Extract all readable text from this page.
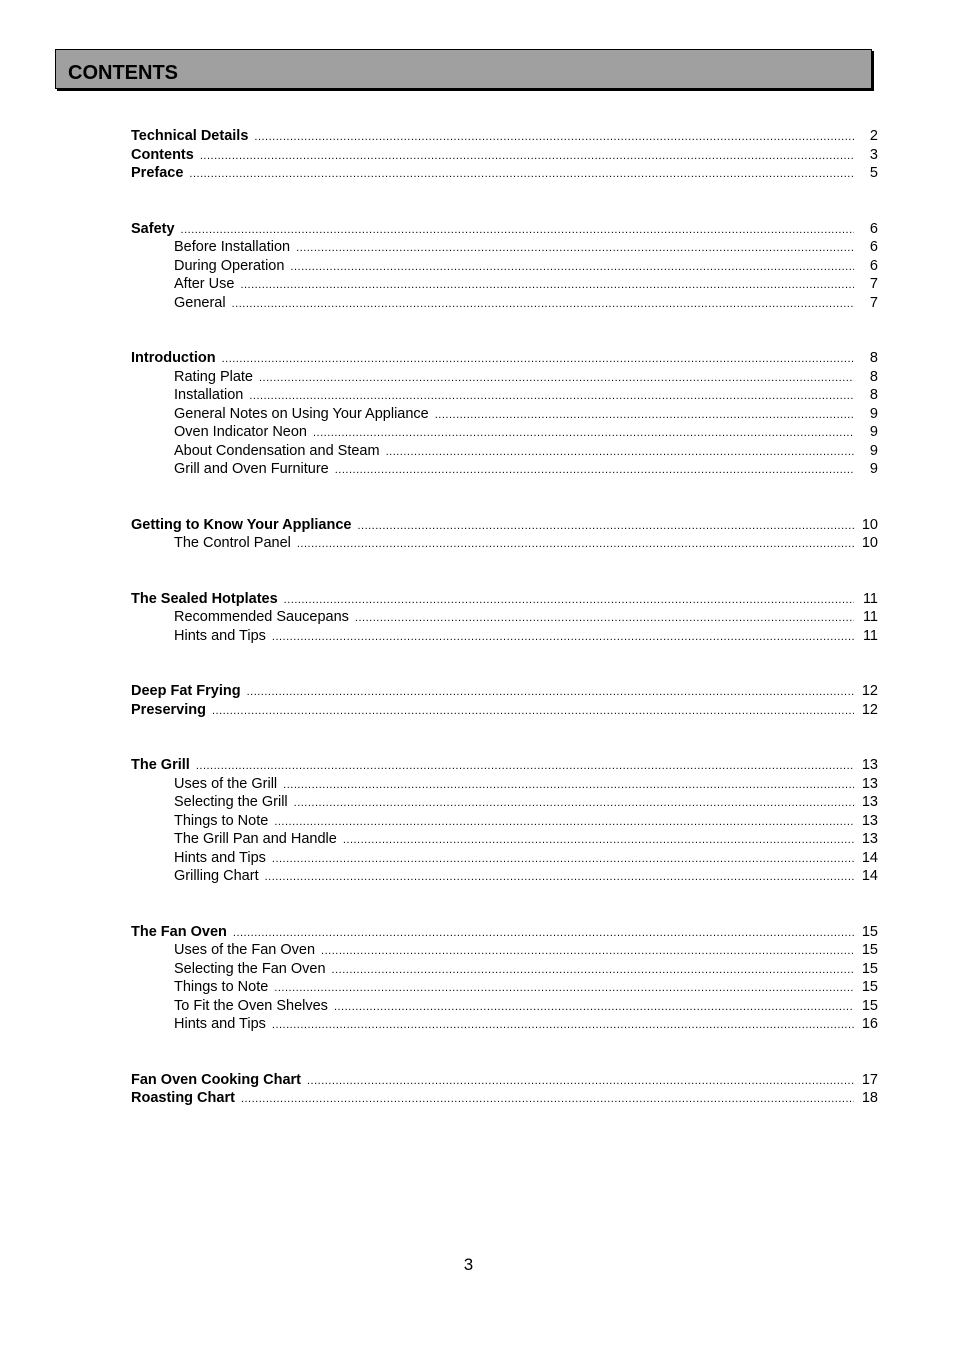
CONTENTS
Technical Details .....	2
Contents .....	3
Preface .....	5
Safety .....	6
Before Installation .....	6
During Operation .....	6
After Use .....	7
General .....	7
Introduction .....	8
Rating Plate .....	8
Installation .....	8
General Notes on Using Your Appliance .....	9
Oven Indicator Neon .....	9
About Condensation and Steam .....	9
Grill and Oven Furniture .....	9
Getting to Know Your Appliance .....	10
The Control Panel .....	10
The Sealed Hotplates .....	11
Recommended Saucepans .....	11
Hints and Tips .....	11
Deep Fat Frying .....	12
Preserving .....	12
The Grill .....	13
Uses of the Grill .....	13
Selecting the Grill .....	13
Things to Note .....	13
The Grill Pan and Handle .....	13
Hints and Tips .....	14
Grilling Chart .....	14
The Fan Oven .....	15
Uses of the Fan Oven .....	15
Selecting the Fan Oven .....	15
Things to Note .....	15
To Fit the Oven Shelves .....	15
Hints and Tips .....	16
Fan Oven Cooking Chart .....	17
Roasting Chart .....	18
3
